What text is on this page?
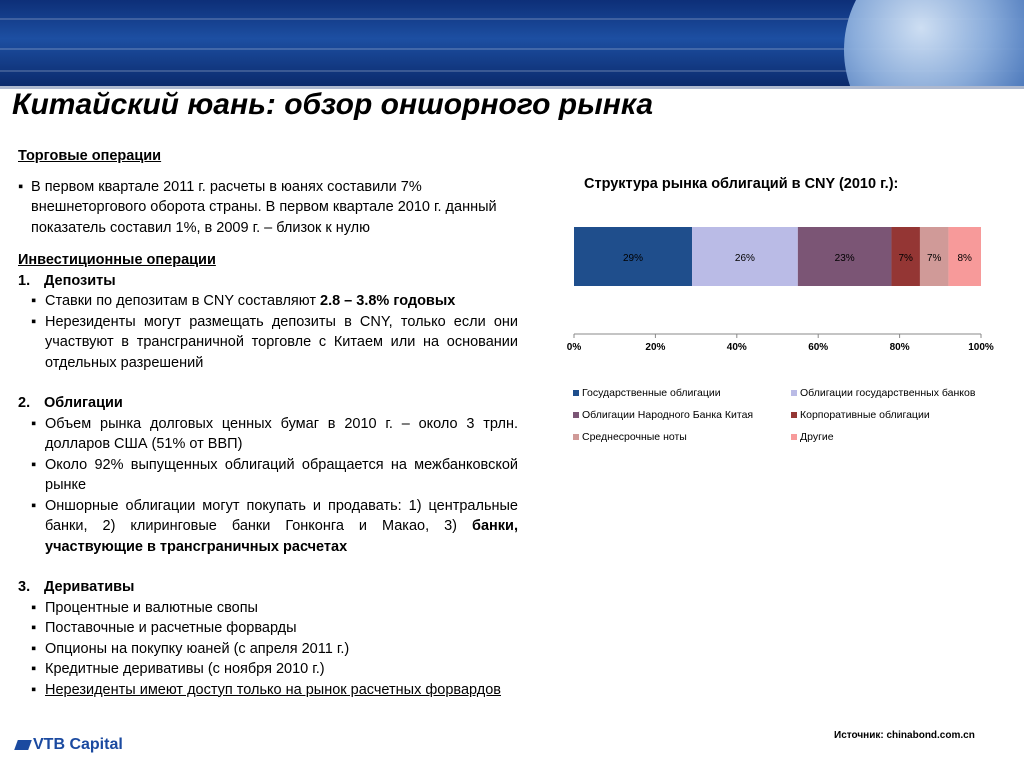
Китайский юань: обзор оншорного рынка
Торговые операции
▪ В первом квартале 2011 г. расчеты в юанях составили 7% внешнеторгового оборота страны. В первом квартале 2010 г. данный показатель составил 1%, в 2009 г. – близок к нулю
Инвестиционные операции
1. Депозиты
▪ Ставки по депозитам в CNY составляют 2.8 – 3.8% годовых
▪ Нерезиденты могут размещать депозиты в CNY, только если они участвуют в трансграничной торговле с Китаем или на основании отдельных разрешений
2. Облигации
▪ Объем рынка долговых ценных бумаг в 2010 г. – около 3 трлн. долларов США (51% от ВВП)
▪ Около 92% выпущенных облигаций обращается на межбанковской рынке
▪ Оншорные облигации могут покупать и продавать: 1) центральные банки, 2) клиринговые банки Гонконга и Макао, 3) банки, участвующие в трансграничных расчетах
3. Деривативы
▪ Процентные и валютные свопы
▪ Поставочные и расчетные форварды
▪ Опционы на покупку юаней (с апреля 2011 г.)
▪ Кредитные деривативы (с ноября 2010 г.)
▪ Нерезиденты имеют доступ только на рынок расчетных форвардов
Структура рынка облигаций в CNY (2010 г.):
29%	26%	23%	7% 7% 8%
0%	20%	40%	60%	80%	100%
Государственные облигации	Облигации государственных банков
Облигации Народного Банка Китая	Корпоративные облигации
Среднесрочные ноты	Другие
Источник: chinabond.com.cn
VTB Capital
